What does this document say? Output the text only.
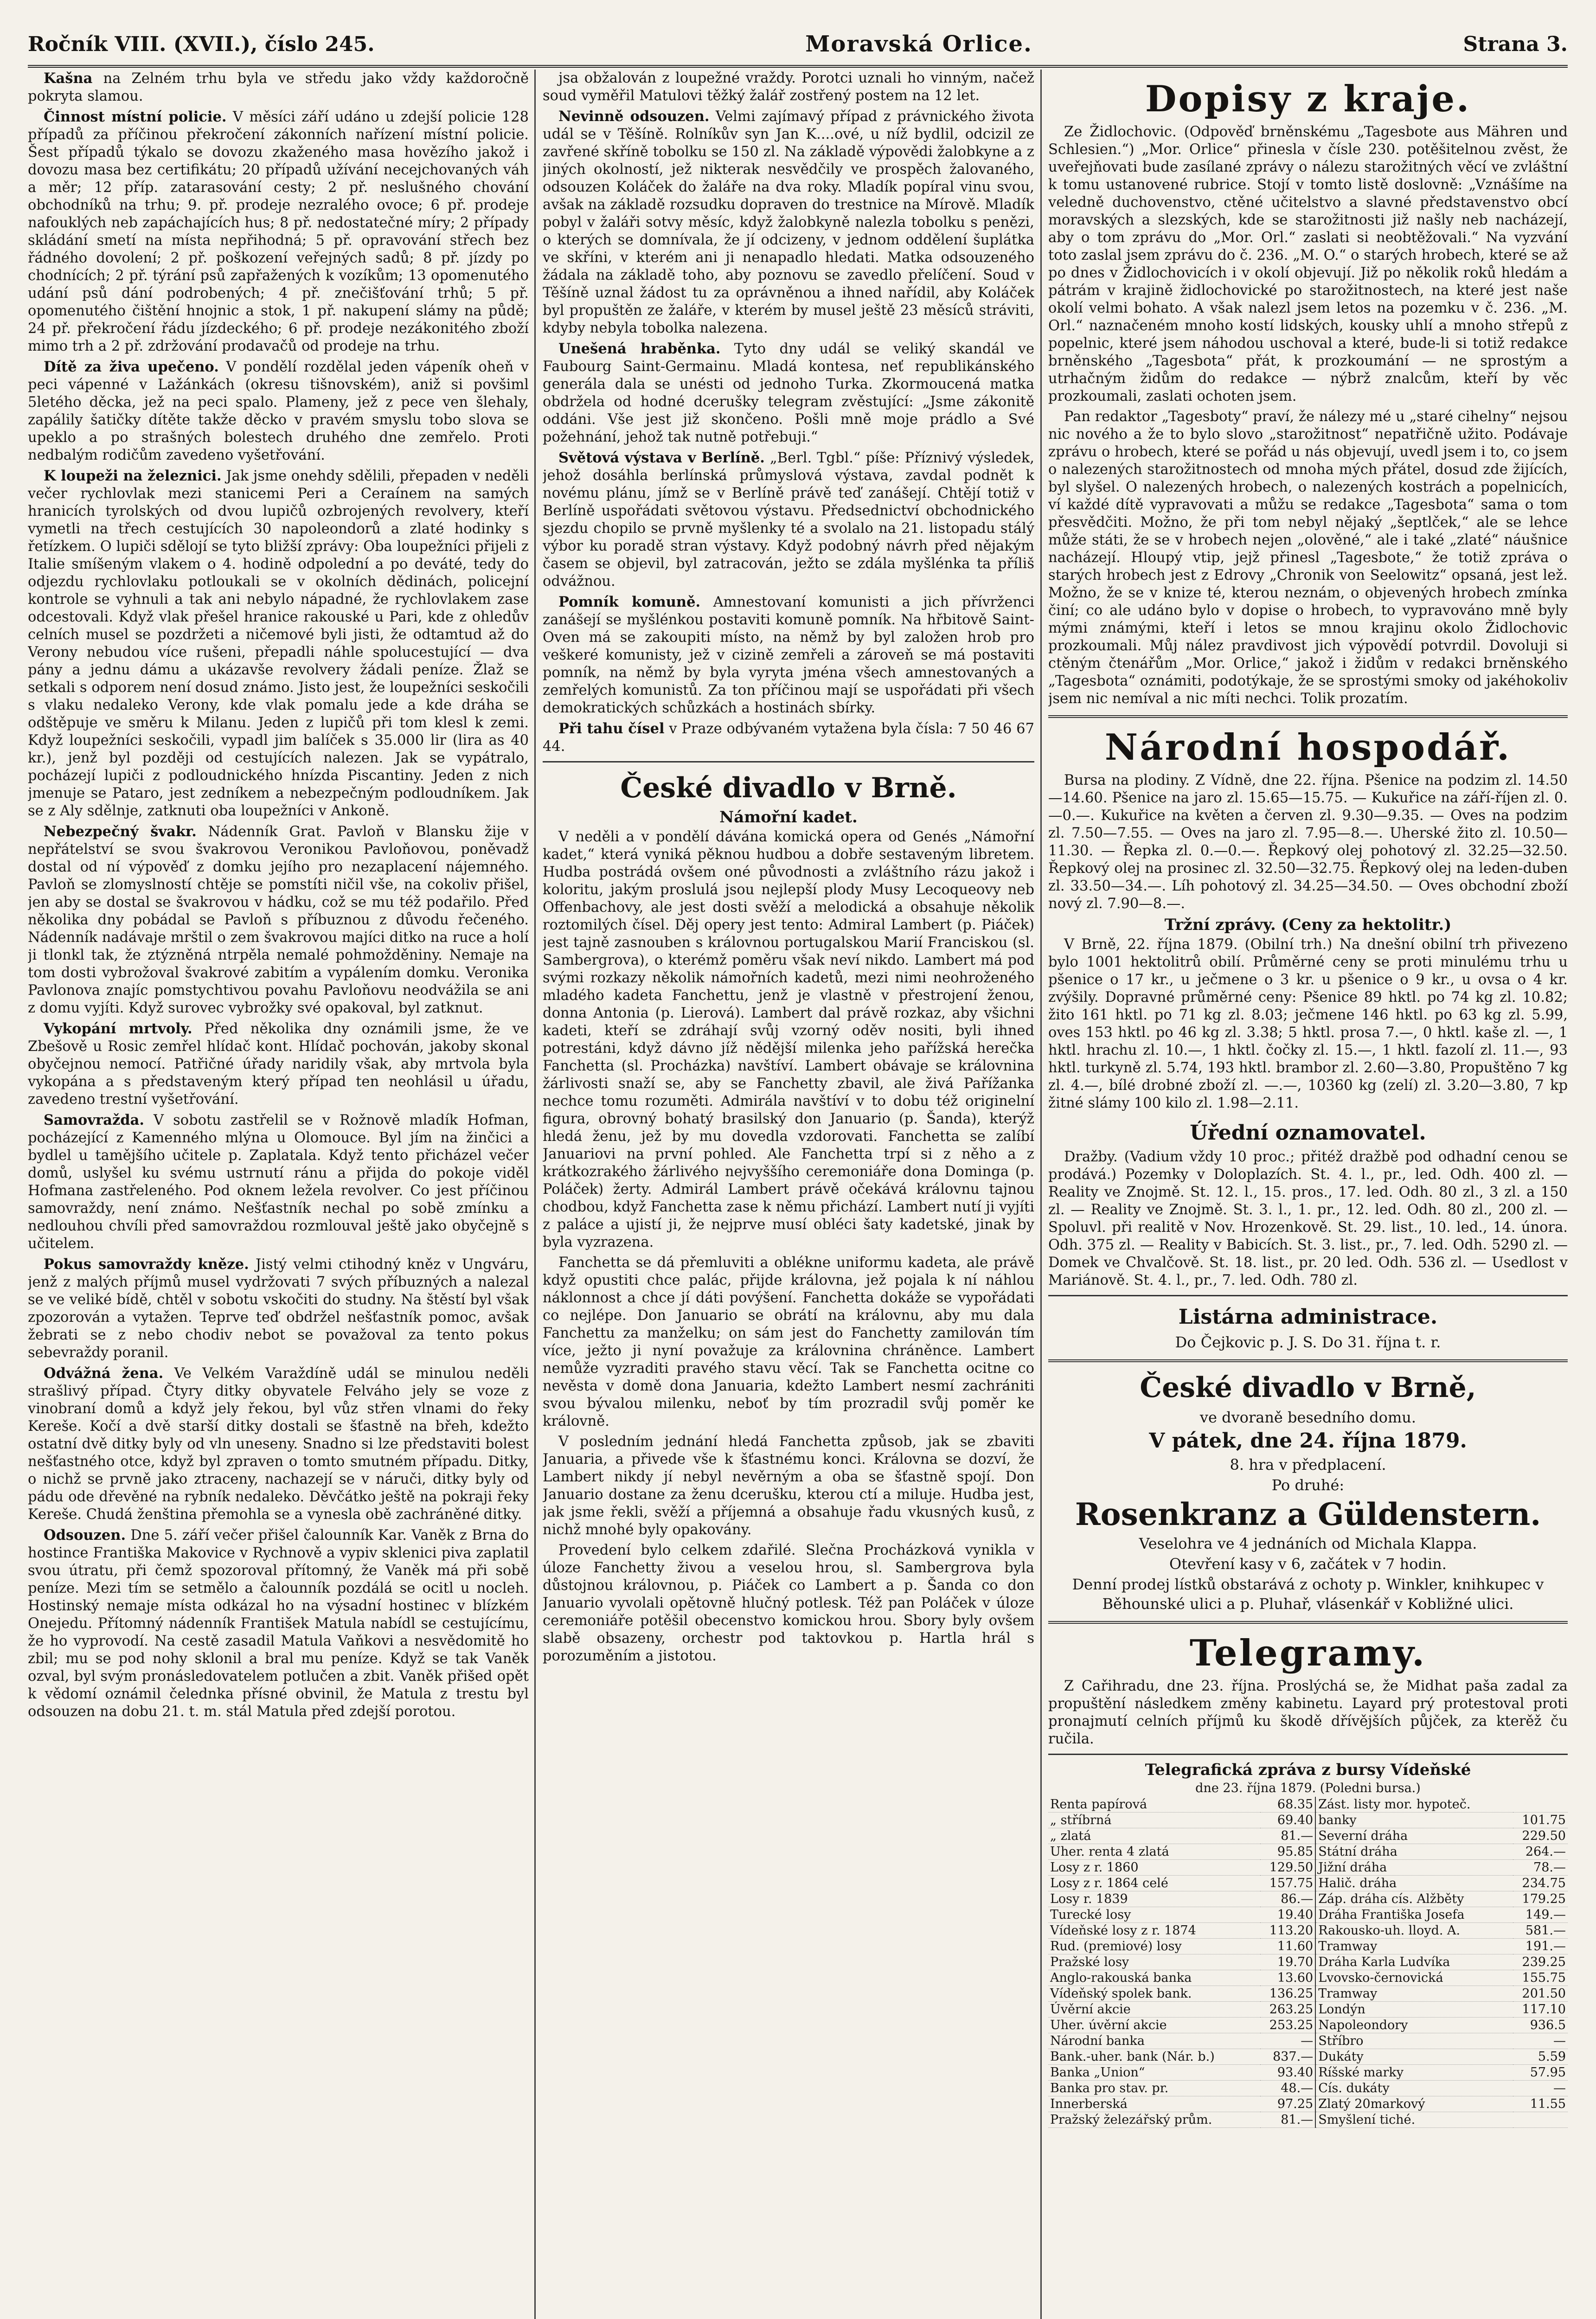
Ročník VIII. (XVII.), číslo 245.	Moravská Orlice.	Strana 3.

Kašna na Zelném trhu byla ve středu jako vždy každoročně pokryta slamou.

Činnost místní policie. V měsíci září udáno u zdejší policie 128 případů za příčinou překročení zákonních nařízení místní policie. Šest případů týkalo se dovozu zkaženého masa hovězího jakož i dovozu masa bez certifikátu; 20 případů užívání necejchovaných váh a měr; 12 příp. zatarasování cesty; 2 př. neslušného chování obchodníků na trhu; 9. př. prodeje nezralého ovoce; 6 př. prodeje nafouklých neb zapáchajících hus; 8 př. nedostatečné míry; 2 případy skládání smetí na místa nepřihodná; 5 př. opravování střech bez řádného dovolení; 2 př. poškození veřejných sadů; 8 př. jízdy po chodnících; 2 př. týrání psů zapřažených k vozíkům; 13 opomenutého udání psů dání podrobených; 4 př. znečišťování trhů; 5 př. opomenutého čištění hnojnic a stok, 1 př. nakupení slámy na půdě; 24 př. překročení řádu jízdeckého; 6 př. prodeje nezákonitého zboží mimo trh a 2 př. zdržování prodavačů od prodeje na trhu.

Dítě za živa upečeno. V pondělí rozdělal jeden vápeník oheň v peci vápenné v Lažánkách (okresu tišnovském), aniž si povšiml 5letého děcka, jež na peci spalo. Plameny, jež z pece ven šlehaly, zapálily šatičky dítěte takže děcko v pravém smyslu tobo slova se upeklo a po strašných bolestech druhého dne zemřelo. Proti nedbalým rodičům zavedeno vyšetřování.

K loupeži na železnici. Jak jsme onehdy sdělili, přepaden v neděli večer rychlovlak mezi stanicemi Peri a Ceraínem na samých hranicích tyrolských od dvou lupičů ozbrojených revolvery, kteří vymetli na třech cestujících 30 napoleondorů a zlaté hodinky s řetízkem. O lupiči sdělojí se tyto bližší zprávy: Oba loupežníci přijeli z Italie smíšeným vlakem o 4. hodině odpolední a po deváté, tedy do odjezdu rychlovlaku potloukali se v okolních dědinách, policejní kontrole se vyhnuli a tak ani nebylo nápadné, že rychlovlakem zase odcestovali. Když vlak přešel hranice rakouské u Pari, kde z ohledův celních musel se pozdržeti a ničemové byli jisti, že odtamtud až do Verony nebudou více rušeni, přepadli náhle spolucestující — dva pány a jednu dámu a ukázavše revolvery žádali peníze. Žlaž se setkali s odporem není dosud známo. Jisto jest, že loupežníci seskočili s vlaku nedaleko Verony, kde vlak pomalu jede a kde dráha se odštěpuje ve směru k Milanu. Jeden z lupičů při tom klesl k zemi. Když loupežníci seskočili, vypadl jim balíček s 35.000 lir (lira as 40 kr.), jenž byl později od cestujících nalezen. Jak se vypátralo, pocházejí lupiči z podloudnického hnízda Piscantiny. Jeden z nich jmenuje se Pataro, jest zedníkem a nebezpečným podloudníkem. Jak se z Aly sdělnje, zatknuti oba loupežníci v Ankoně.

Nebezpečný švakr. Nádenník Grat. Pavloň v Blansku žije v nepřátelství se svou švakrovou Veronikou Pavloňovou, poněvadž dostal od ní výpověď z domku jejího pro nezaplacení nájemného. Pavloň se zlomyslností chtěje se pomstíti ničil vše, na cokoliv přišel, jen aby se dostal se švakrovou v hádku, což se mu též podařilo. Před několika dny pobádal se Pavloň s příbuznou z důvodu řečeného. Nádenník nadávaje mrštil o zem švakrovou majíci ditko na ruce a holí ji tlonkl tak, že ztýzněná ntrpěla nemalé pohmožděniny. Nemaje na tom dosti vybrožoval švakrové zabitím a vypálením domku. Veronika Pavlonova znajíc pomstychtivou povahu Pavloňovu neodvážila se ani z domu vyjíti. Když surovec vybrožky své opakoval, byl zatknut.

Vykopání mrtvoly. Před několika dny oznámili jsme, že ve Zbešově u Rosic zemřel hlídač kont. Hlídač pochován, jakoby skonal obyčejnou nemocí. Patřičné úřady naridily však, aby mrtvola byla vykopána a s představeným který případ ten neohlásil u úřadu, zavedeno trestní vyšetřování.

Samovražda. V sobotu zastřelil se v Rožnově mladík Hofman, pocházející z Kamenného mlýna u Olomouce. Byl jím na žinčici a bydlel u tamějšího učitele p. Zaplatala. Když tento přicházel večer domů, uslyšel ku svému ustrnutí ránu a přijda do pokoje viděl Hofmana zastřeleného. Pod oknem ležela revolver. Co jest příčinou samovraždy, není známo. Nešťastník nechal po sobě zmínku a nedlouhou chvíli před samovraždou rozmlouval ještě jako obyčejně s učitelem.

Pokus samovraždy kněze. Jistý velmi ctihodný kněz v Ungváru, jenž z malých příjmů musel vydržovati 7 svých příbuzných a nalezal se ve veliké bídě, chtěl v sobotu vskočiti do studny. Na štěstí byl však zpozorován a vytažen. Teprve teď obdržel nešťastník pomoc, avšak žebrati se z nebo chodiv nebot se považoval za tento pokus sebevraždy poranil.

Odvážná žena. Ve Velkém Varaždíně udál se minulou neděli strašlivý případ. Čtyry ditky obyvatele Felváho jely se voze z vinobraní domů a když jely řekou, byl vůz střen vlnami do řeky Kereše. Kočí a dvě starší ditky dostali se šťastně na břeh, kdežto ostatní dvě ditky byly od vln uneseny. Snadno si lze představiti bolest nešťastného otce, když byl zpraven o tomto smutném případu. Ditky, o nichž se prvně jako ztraceny, nachazejí se v náruči, ditky byly od pádu ode dřevěné na rybník nedaleko. Děvčátko ještě na pokraji řeky Kereše. Chudá ženština přemohla se a vynesla obě zachráněné ditky.

Odsouzen. Dne 5. září večer přišel čalounník Kar. Vaněk z Brna do hostince Františka Makovice v Rychnově a vypiv sklenici piva zaplatil svou útratu, při čemž spozoroval přítomný, že Vaněk má při sobě peníze. Mezi tím se setmělo a čalounník pozdálá se ocitl u nocleh. Hostinský nemaje místa odkázal ho na výsadní hostinec v blízkém Onejedu. Přítomný nádenník František Matula nabídl se cestujícímu, že ho vyprovodí. Na cestě zasadil Matula Vaňkovi a nesvědomitě ho zbil; mu se pod nohy sklonil a bral mu peníze. Když se tak Vaněk ozval, byl svým pronásledovatelem potlučen a zbit. Vaněk přišed opět k vědomí oznámil čelednka přísné obvinil, že Matula z trestu byl odsouzen na dobu 21. t. m. stál Matula před zdejší porotou.

jsa obžalován z loupežné vraždy. Porotci uznali ho vinným, načež soud vyměřil Matulovi těžký žalář zostřený postem na 12 let.

Nevinně odsouzen. Velmi zajímavý případ z právnického života udál se v Těšíně. Rolníkův syn Jan K....ové, u níž bydlil, odcizil ze zavřené skříně tobolku se 150 zl. Na základě výpovědi žalobkyne a z jiných okolností, jež nikterak nesvědčily ve prospěch žalovaného, odsouzen Koláček do žaláře na dva roky. Mladík popíral vinu svou, avšak na základě rozsudku dopraven do trestnice na Mírově. Mladík pobyl v žaláři sotvy měsíc, když žalobkyně nalezla tobolku s penězi, o kterých se domnívala, že jí odcizeny, v jednom oddělení šuplátka ve skříni, v kterém ani ji nenapadlo hledati. Matka odsouzeného žádala na základě toho, aby poznovu se zavedlo přelíčení. Soud v Těšíně uznal žádost tu za oprávněnou a ihned nařídil, aby Koláček byl propuštěn ze žaláře, v kterém by musel ještě 23 měsíců stráviti, kdyby nebyla tobolka nalezena.

Unešená hraběnka. Tyto dny udál se veliký skandál ve Faubourg Saint-Germainu. Mladá kontesa, neť republikánského generála dala se unésti od jednoho Turka. Zkormoucená matka obdržela od hodné dcerušky telegram zvěstující: „Jsme zákonitě oddáni. Vše jest již skončeno. Pošli mně moje prádlo a Své požehnání, jehož tak nutně potřebuji.“

Světová výstava v Berlíně. „Berl. Tgbl.“ píše: Příznivý výsledek, jehož dosáhla berlínská průmyslová výstava, zavdal podnět k novému plánu, jímž se v Berlíně právě teď zanášejí. Chtějí totiž v Berlíně uspořádati světovou výstavu. Předsednictví obchodnického sjezdu chopilo se prvně myšlenky té a svolalo na 21. listopadu stálý výbor ku poradě stran výstavy. Když podobný návrh před nějakým časem se objevil, byl zatracován, ježto se zdála myšlénka ta příliš odvážnou.

Pomník komuně. Amnestovaní komunisti a jich přívrženci zanášejí se myšlénkou postaviti komuně pomník. Na hřbitově Saint-Oven má se zakoupiti místo, na němž by byl založen hrob pro veškeré komunisty, jež v cizině zemřeli a zároveň se má postaviti pomník, na němž by byla vyryta jména všech amnestovaných a zemřelých komunistů. Za ton příčinou mají se uspořádati při všech demokratických schůzkách a hostinách sbírky.

Při tahu čísel v Praze odbývaném vytažena byla čísla: 7 50 46 67 44.

České divadlo v Brně.
Námořní kadet.

V neděli a v pondělí dávána komická opera od Genés „Námořní kadet,“ která vyniká pěknou hudbou a dobře sestaveným libretem. Hudba postrádá ovšem oné původnosti a zvláštního rázu jakož i koloritu, jakým proslulá jsou nejlepší plody Musy Lecoqueovy neb Offenbachovy, ale jest dosti svěží a melodická a obsahuje několik roztomilých čísel. Děj opery jest tento: Admiral Lambert (p. Piáček) jest tajně zasnouben s královnou portugalskou Marií Franciskou (sl. Sambergrova), o kterémž poměru však neví nikdo. Lambert má pod svými rozkazy několik námořních kadetů, mezi nimi neohroženého mladého kadeta Fanchettu, jenž je vlastně v přestrojení ženou, donna Antonia (p. Lierová). Lambert dal právě rozkaz, aby všichni kadeti, kteří se zdráhají svůj vzorný oděv nositi, byli ihned potrestáni, když dávno jíž nědější milenka jeho pařížská herečka Fanchetta (sl. Procházka) navštíví. Lambert obávaje se královnina žárlivosti snaží se, aby se Fanchetty zbavil, ale živá Pařížanka nechce tomu rozuměti. Admirála navštíví v to dobu též originelní figura, obrovný bohatý brasilský don Januario (p. Šanda), kterýž hledá ženu, jež by mu dovedla vzdorovati. Fanchetta se zalíbí Januariovi na první pohled. Ale Fanchetta trpí si z něho a z krátkozrakého žárlivého nejvyššího ceremoniáře dona Dominga (p. Poláček) žerty. Admirál Lambert právě očekává královnu tajnou chodbou, když Fanchetta zase k němu přichází. Lambert nutí ji vyjíti z paláce a ujistí ji, že nejprve musí obléci šaty kadetské, jinak by byla vyzrazena.

Fanchetta se dá přemluviti a oblékne uniformu kadeta, ale právě když opustiti chce palác, přijde královna, jež pojala k ní náhlou náklonnost a chce jí dáti povýšení. Fanchetta dokáže se vypořádati co nejlépe. Don Januario se obrátí na královnu, aby mu dala Fanchettu za manželku; on sám jest do Fanchetty zamilován tím více, ježto ji nyní považuje za královnina chráněnce. Lambert nemůže vyzraditi pravého stavu věcí. Tak se Fanchetta ocitne co nevěsta v domě dona Januaria, kdežto Lambert nesmí zachrániti svou bývalou milenku, neboť by tím prozradil svůj poměr ke královně.

V posledním jednání hledá Fanchetta způsob, jak se zbaviti Januaria, a přivede vše k šťastnému konci. Královna se dozví, že Lambert nikdy jí nebyl nevěrným a oba se šťastně spojí. Don Januario dostane za ženu dcerušku, kterou ctí a miluje. Hudba jest, jak jsme řekli, svěží a příjemná a obsahuje řadu vkusných kusů, z nichž mnohé byly opakovány.

Provedení bylo celkem zdařilé. Slečna Procházková vynikla v úloze Fanchetty živou a veselou hrou, sl. Sambergrova byla důstojnou královnou, p. Piáček co Lambert a p. Šanda co don Januario vyvolali opětovně hlučný potlesk. Též pan Poláček v úloze ceremoniáře potěšil obecenstvo komickou hrou. Sbory byly ovšem slabě obsazeny, orchestr pod taktovkou p. Hartla hrál s porozuměním a jistotou.

Dopisy z kraje.

Ze Židlochovic. (Odpověď brněnskému „Tagesbote aus Mähren und Schlesien.“) „Mor. Orlice“ přinesla v čísle 230. potěšitelnou zvěst, že uveřejňovati bude zasílané zprávy o nálezu starožitných věcí ve zvláštní k tomu ustanovené rubrice. Stojí v tomto listě doslovně: „Vznášíme na veledně duchovenstvo, ctěné učitelstvo a slavné představenstvo obcí moravských a slezských, kde se starožitnosti již našly neb nacházejí, aby o tom zprávu do „Mor. Orl.“ zaslati si neobtěžovali.“ Na vyzvání toto zaslal jsem zprávu do č. 236. „M. O.“ o starých hrobech, které se až po dnes v Židlochovicích i v okolí objevují. Již po několik roků hledám a pátrám v krajině židlochovické po starožitnostech, na které jest naše okolí velmi bohato. A však nalezl jsem letos na pozemku v č. 236. „M. Orl.“ naznačeném mnoho kostí lidských, kousky uhlí a mnoho střepů z popelnic, které jsem náhodou uschoval a které, bude-li si totiž redakce brněnského „Tagesbota“ přát, k prozkoumání — ne sprostým a utrhačným židům do redakce — nýbrž znalcům, kteří by věc prozkoumali, zaslati ochoten jsem.

Pan redaktor „Tagesboty“ praví, že nálezy mé u „staré cihelny“ nejsou nic nového a že to bylo slovo „starožitnost“ nepatřičně užito. Podávaje zprávu o hrobech, které se pořád u nás objevují, uvedl jsem i to, co jsem o nalezených starožitnostech od mnoha mých přátel, dosud zde žijících, byl slyšel. O nalezených hrobech, o nalezených kostrách a popelnicích, ví každé dítě vypravovati a můžu se redakce „Tagesbota“ sama o tom přesvědčiti. Možno, že při tom nebyl nějaký „šeptlček,“ ale se lehce může státi, že se v hrobech nejen „olověné,“ ale i také „zlaté“ náušnice nacházejí. Hloupý vtip, jejž přinesl „Tagesbote,“ že totiž zpráva o starých hrobech jest z Edrovy „Chronik von Seelowitz“ opsaná, jest lež. Možno, že se v knize té, kterou neznám, o objevených hrobech zmínka činí; co ale udáno bylo v dopise o hrobech, to vypravováno mně byly mými známými, kteří i letos se mnou krajinu okolo Židlochovic prozkoumali. Můj nález pravdivost jich výpovědí potvrdil. Dovoluji si ctěným čtenářům „Mor. Orlice,“ jakož i židům v redakci brněnského „Tagesbota“ oznámiti, podotýkaje, že se sprostými smoky od jakéhokoliv jsem nic nemíval a nic míti nechci. Tolik prozatím.

Národní hospodář.

Bursa na plodiny. Z Vídně, dne 22. října. Pšenice na podzim zl. 14.50—14.60. Pšenice na jaro zl. 15.65—15.75. — Kukuřice na září-říjen zl. 0.—0.—. Kukuřice na květen a červen zl. 9.30—9.35. — Oves na podzim zl. 7.50—7.55. — Oves na jaro zl. 7.95—8.—. Uherské žito zl. 10.50—11.30. — Řepka zl. 0.—0.—. Řepkový olej pohotový zl. 32.25—32.50. Řepkový olej na prosinec zl. 32.50—32.75. Řepkový olej na leden-duben zl. 33.50—34.—. Líh pohotový zl. 34.25—34.50. — Oves obchodní zboží nový zl. 7.90—8.—.

Tržní zprávy. (Ceny za hektolitr.)

V Brně, 22. října 1879. (Obilní trh.) Na dnešní obilní trh přivezeno bylo 1001 hektolitrů obilí. Průměrné ceny se proti minulému trhu u pšenice o 17 kr., u ječmene o 3 kr. u pšenice o 9 kr., u ovsa o 4 kr. zvýšily. Dopravné průměrné ceny: Pšenice 89 hktl. po 74 kg zl. 10.82; žito 161 hktl. po 71 kg zl. 8.03; ječmene 146 hktl. po 63 kg zl. 5.99, oves 153 hktl. po 46 kg zl. 3.38; 5 hktl. prosa 7.—, 0 hktl. kaše zl. —, 1 hktl. hrachu zl. 10.—, 1 hktl. čočky zl. 15.—, 1 hktl. fazolí zl. 11.—, 93 hktl. turkyně zl. 5.74, 193 hktl. brambor zl. 2.60—3.80, Propuštěno 7 kg zl. 4.—, bílé drobné zboží zl. —.—, 10360 kg (zelí) zl. 3.20—3.80, 7 kp žitné slámy 100 kilo zl. 1.98—2.11.

Úřední oznamovatel.

Dražby. (Vadium vždy 10 proc.; přitéž dražbě pod odhadní cenou se prodává.) Pozemky v Doloplazích. St. 4. l., pr., led. Odh. 400 zl. — Reality ve Znojmě. St. 12. l., 15. pros., 17. led. Odh. 80 zl., 3 zl. a 150 zl. — Reality ve Znojmě. St. 3. l., 1. pr., 12. led. Odh. 80 zl., 200 zl. — Spoluvl. při realitě v Nov. Hrozenkově. St. 29. list., 10. led., 14. února. Odh. 375 zl. — Reality v Babicích. St. 3. list., pr., 7. led. Odh. 5290 zl. — Domek ve Chvalčově. St. 18. list., pr. 20 led. Odh. 536 zl. — Usedlost v Mariánově. St. 4. l., pr., 7. led. Odh. 780 zl.

Listárna administrace.
Do Čejkovic p. J. S. Do 31. října t. r.
České divadlo v Brně,
ve dvoraně besedního domu.
V pátek, dne 24. října 1879.
8. hra v předplacení.
Po druhé:
Rosenkranz a Güldenstern.
Veselohra ve 4 jednáních od Michala Klappa.
Otevření kasy v 6, začátek v 7 hodin.
Denní prodej lístků obstarává z ochoty p. Winkler, knihkupec v Běhounské ulici a p. Pluhař, vlásenkář v Kobližné ulici.
Telegramy.

Z Cařihradu, dne 23. října. Proslýchá se, že Midhat paša zadal za propuštění následkem změny kabinetu. Layard prý protestoval proti pronajmutí celních příjmů ku škodě dřívějších půjček, za kterěž ču ručila.

Telegrafická zpráva z bursy Vídeňské
dne 23. října 1879. (Poledni bursa.)
Renta papírová	68.35		Zást. listy mor. hypoteč.	
„ stříbrná	69.40		banky	101.75
„ zlatá	81.—		Severní dráha	229.50
Uher. renta 4 zlatá	95.85		Státní dráha	264.—
Losy z r. 1860	129.50		Jižní dráha	78.—
Losy z r. 1864 celé	157.75		Halič. dráha	234.75
Losy r. 1839	86.—		Záp. dráha cís. Alžběty	179.25
Turecké losy	19.40		Dráha Františka Josefa	149.—
Vídeňské losy z r. 1874	113.20		Rakousko-uh. lloyd. A.	581.—
Rud. (premiové) losy	11.60		Tramway	191.—
Pražské losy	19.70		Dráha Karla Ludvíka	239.25
Anglo-rakouská banka	13.60		Lvovsko-černovická	155.75
Vídeňský spolek bank.	136.25		Tramway	201.50
Úvěrní akcie	263.25		Londýn	117.10
Uher. úvěrní akcie	253.25		Napoleondory	936.5
Národní banka	—		Stříbro	—
Bank.-uher. bank (Nár. b.)	837.—		Dukáty	5.59
Banka „Union“	93.40		Ríšské marky	57.95
Banka pro stav. pr.	48.—		Cís. dukáty	—
Innerberská	97.25		Zlatý 20markový	11.55
Pražský železářský prům.	81.—		Smyšlení tiché.	
